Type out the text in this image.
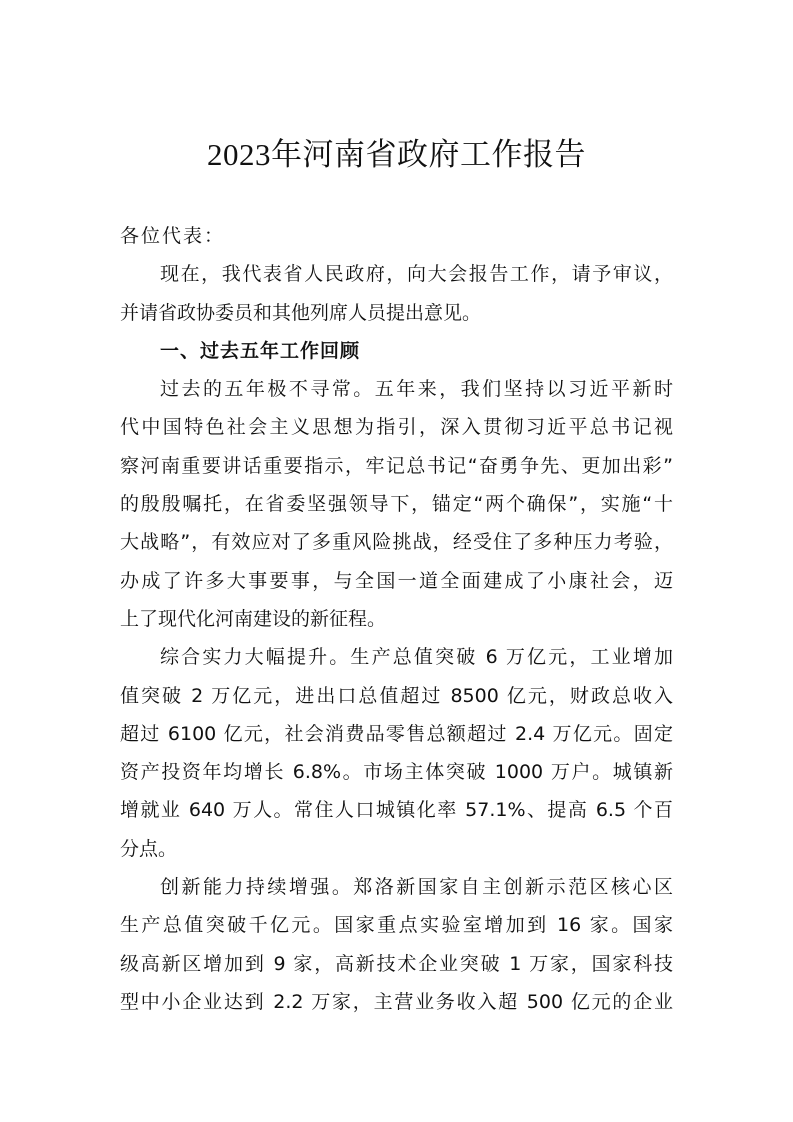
2023年河南省政府工作报告
各位代表：
现在，我代表省人民政府，向大会报告工作，请予审议，
并请省政协委员和其他列席人员提出意见。
一、过去五年工作回顾
过去的五年极不寻常。五年来，我们坚持以习近平新时
代中国特色社会主义思想为指引，深入贯彻习近平总书记视
察河南重要讲话重要指示，牢记总书记“奋勇争先、更加出彩”
的殷殷嘱托，在省委坚强领导下，锚定“两个确保”，实施“十
大战略”，有效应对了多重风险挑战，经受住了多种压力考验，
办成了许多大事要事，与全国一道全面建成了小康社会，迈
上了现代化河南建设的新征程。
综合实力大幅提升。生产总值突破 6 万亿元，工业增加
值突破 2 万亿元，进出口总值超过 8500 亿元，财政总收入
超过 6100 亿元，社会消费品零售总额超过 2.4 万亿元。固定
资产投资年均增长 6.8%。市场主体突破 1000 万户。城镇新
增就业 640 万人。常住人口城镇化率 57.1%、提高 6.5 个百
分点。
创新能力持续增强。郑洛新国家自主创新示范区核心区
生产总值突破千亿元。国家重点实验室增加到 16 家。国家
级高新区增加到 9 家，高新技术企业突破 1 万家，国家科技
型中小企业达到 2.2 万家，主营业务收入超 500 亿元的企业
